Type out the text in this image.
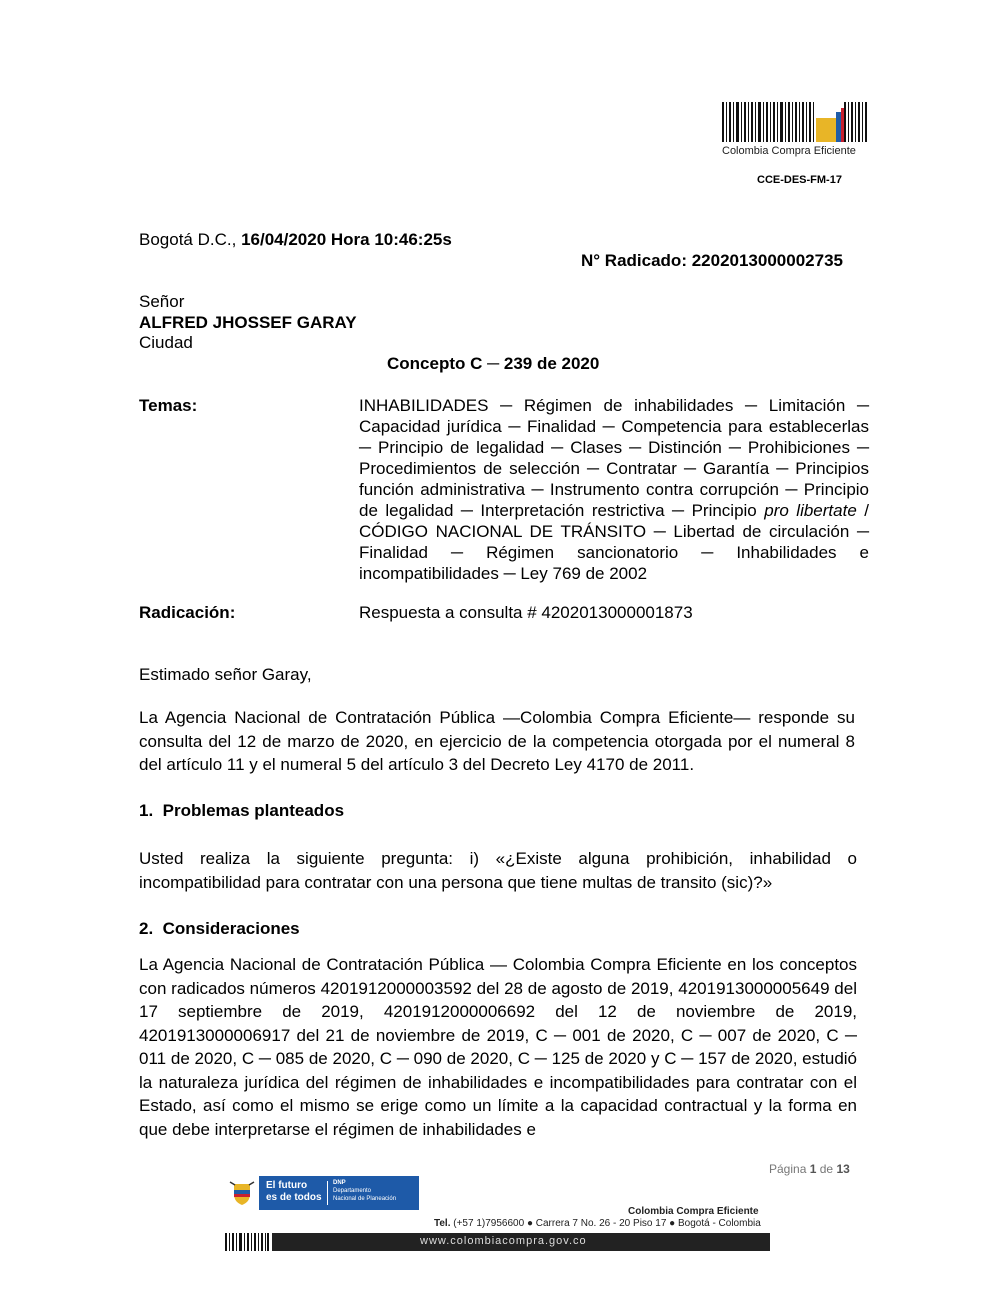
Colombia Compra Eficiente
CCE-DES-FM-17
Bogotá D.C., 16/04/2020 Hora 10:46:25s
N° Radicado: 2202013000002735
Señor
ALFRED JHOSSEF GARAY
Ciudad
Concepto C ─ 239 de 2020
Temas:	INHABILIDADES ─ Régimen de inhabilidades ─ Limitación ─ Capacidad jurídica ─ Finalidad ─ Competencia para establecerlas ─ Principio de legalidad ─ Clases ─ Distinción ─ Prohibiciones ─ Procedimientos de selección ─ Contratar ─ Garantía ─ Principios función administrativa ─ Instrumento contra corrupción ─ Principio de legalidad ─ Interpretación restrictiva ─ Principio pro libertate / CÓDIGO NACIONAL DE TRÁNSITO ─ Libertad de circulación ─ Finalidad ─ Régimen sancionatorio ─ Inhabilidades e incompatibilidades ─ Ley 769 de 2002
Radicación:	Respuesta a consulta # 4202013000001873
Estimado señor Garay,
La Agencia Nacional de Contratación Pública —Colombia Compra Eficiente— responde su consulta del 12 de marzo de 2020, en ejercicio de la competencia otorgada por el numeral 8 del artículo 11 y el numeral 5 del artículo 3 del Decreto Ley 4170 de 2011.
1. Problemas planteados
Usted realiza la siguiente pregunta: i) «¿Existe alguna prohibición, inhabilidad o incompatibilidad para contratar con una persona que tiene multas de transito (sic)?»
2. Consideraciones
La Agencia Nacional de Contratación Pública — Colombia Compra Eficiente en los conceptos con radicados números 4201912000003592 del 28 de agosto de 2019, 4201913000005649 del 17 septiembre de 2019, 4201912000006692 del 12 de noviembre de 2019, 4201913000006917 del 21 de noviembre de 2019, C ─ 001 de 2020, C ─ 007 de 2020, C ─ 011 de 2020, C ─ 085 de 2020, C ─ 090 de 2020, C ─ 125 de 2020 y C ─ 157 de 2020, estudió la naturaleza jurídica del régimen de inhabilidades e incompatibilidades para contratar con el Estado, así como el mismo se erige como un límite a la capacidad contractual y la forma en que debe interpretarse el régimen de inhabilidades e
Página 1 de 13
El futuro
es de todos
DNP
Departamento
Nacional de Planeación
Colombia Compra Eficiente
Tel. (+57 1)7956600 ● Carrera 7 No. 26 - 20 Piso 17 ● Bogotá - Colombia
www.colombiacompra.gov.co
